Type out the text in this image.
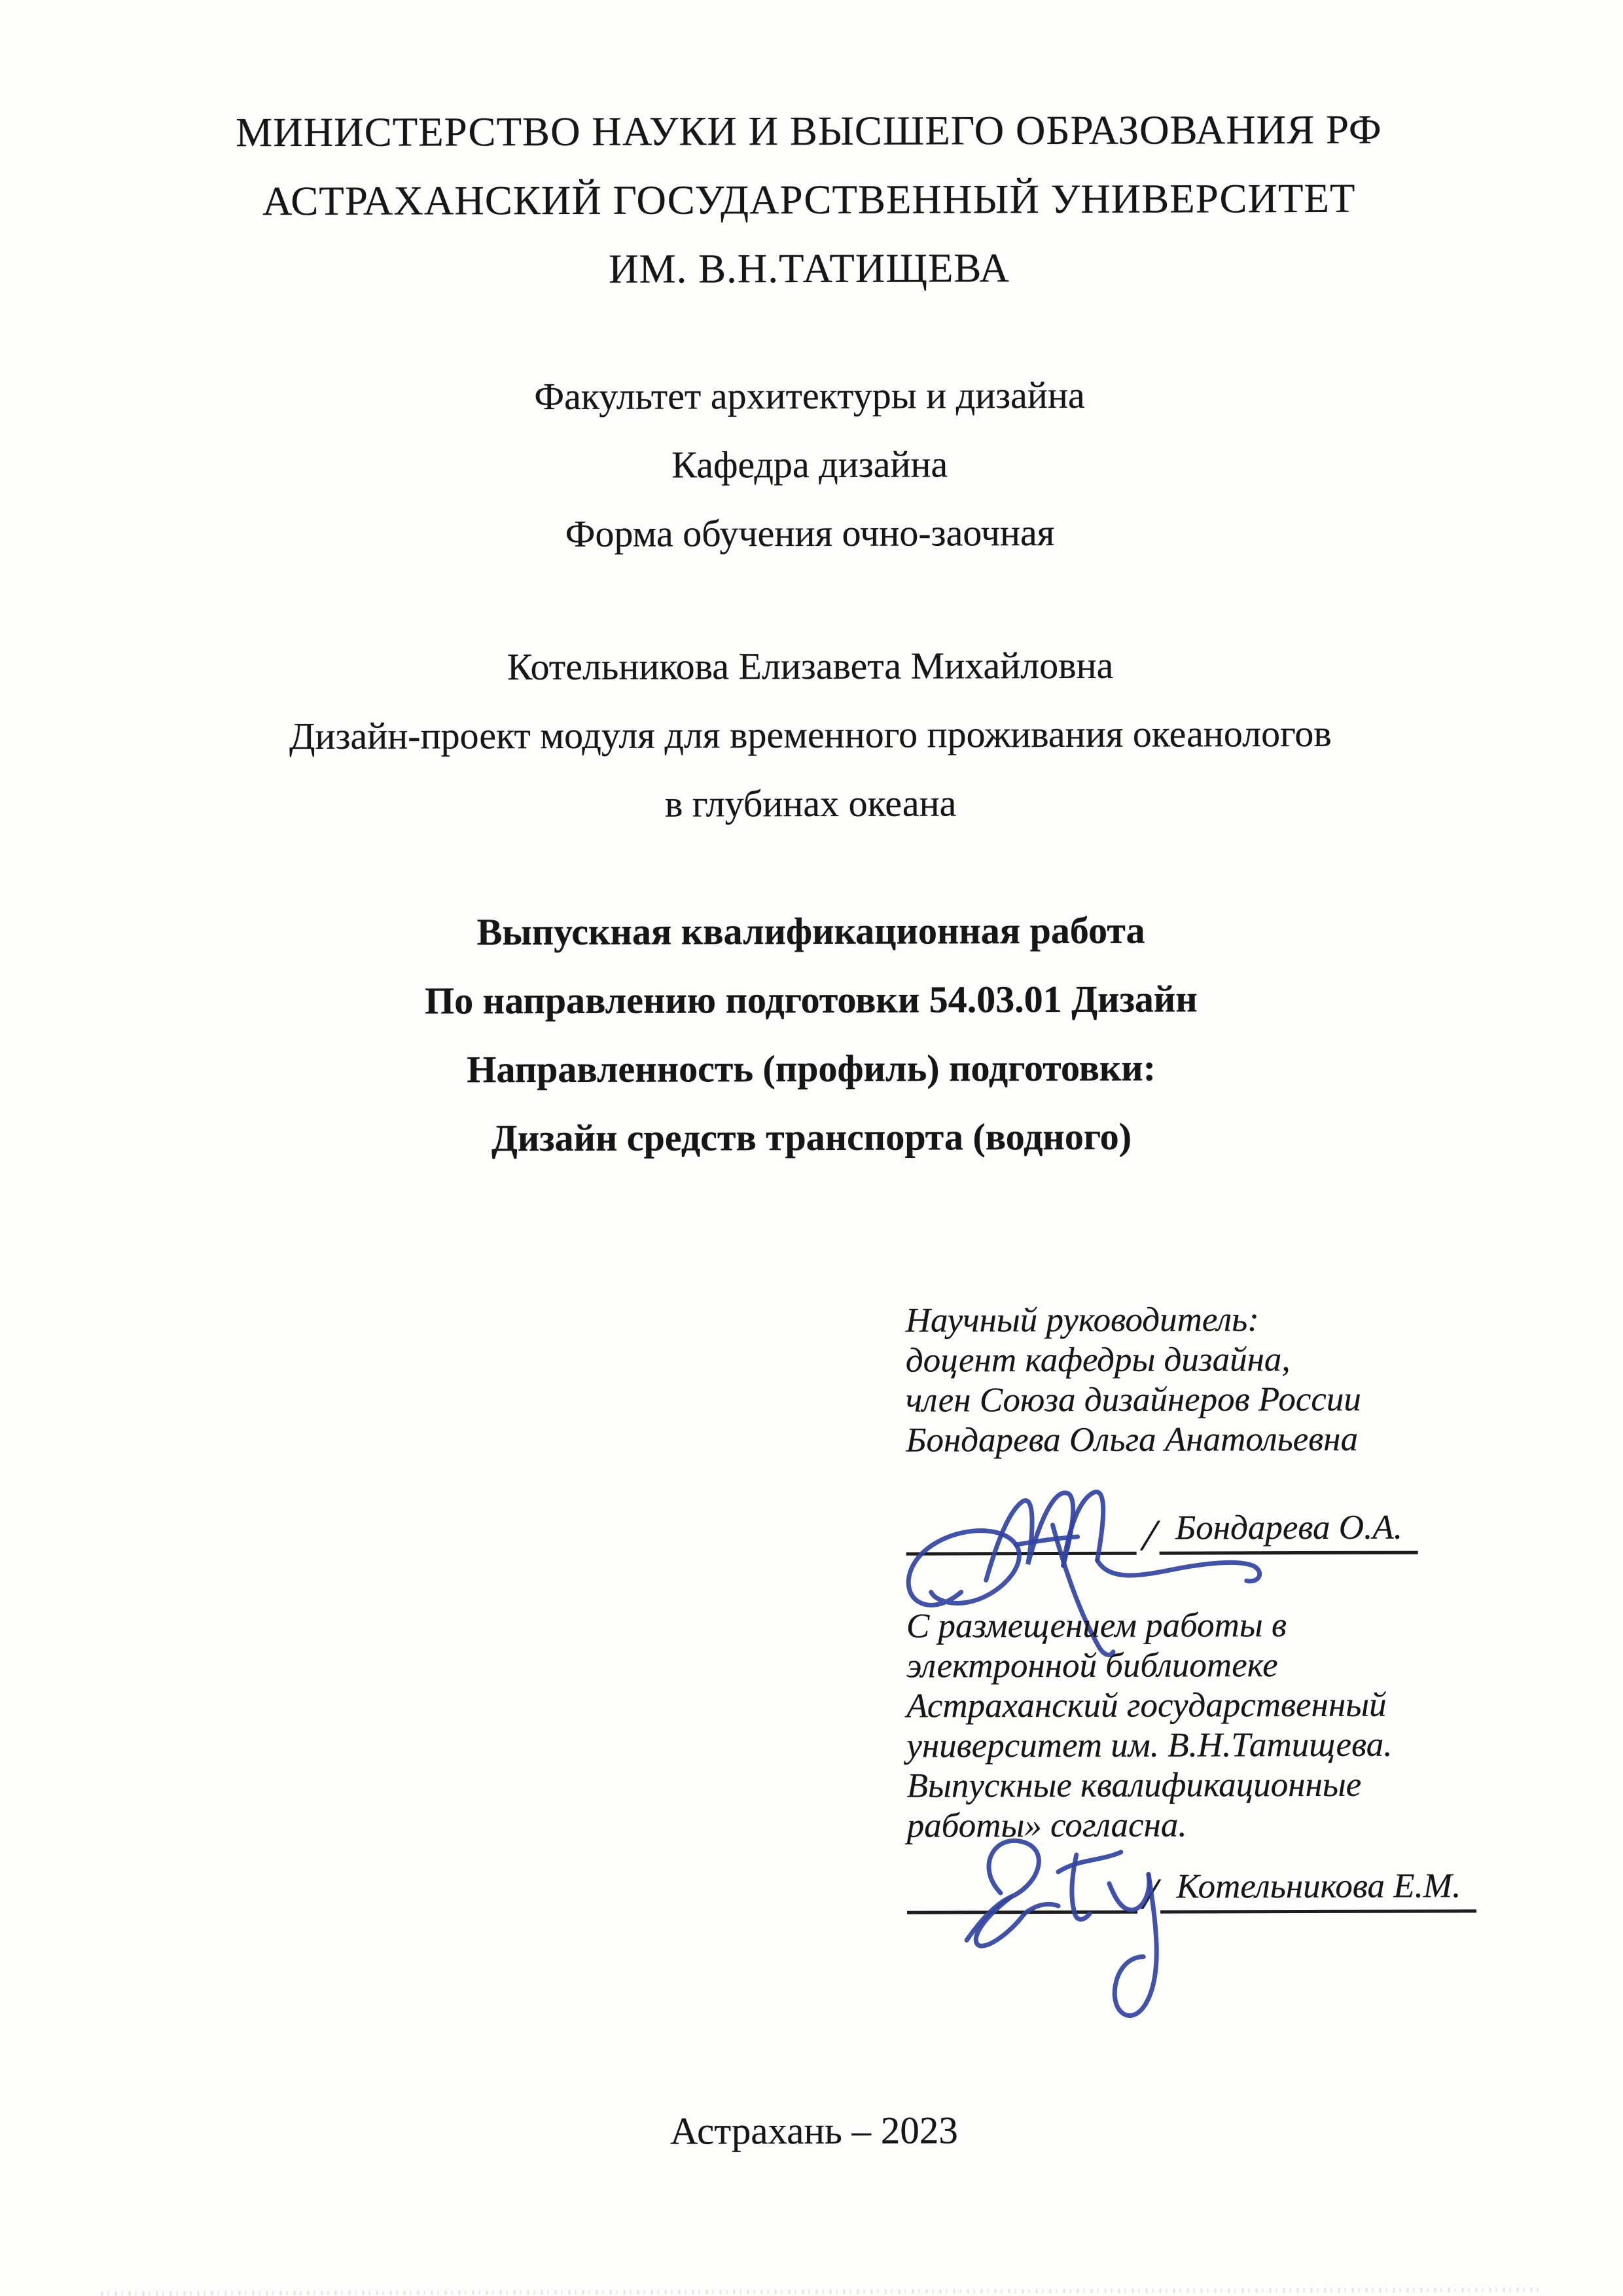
МИНИСТЕРСТВО НАУКИ И ВЫСШЕГО ОБРАЗОВАНИЯ РФ
АСТРАХАНСКИЙ ГОСУДАРСТВЕННЫЙ УНИВЕРСИТЕТ
ИМ. В.Н.ТАТИЩЕВА
Факультет архитектуры и дизайна
Кафедра дизайна
Форма обучения очно-заочная
Котельникова Елизавета Михайловна
Дизайн-проект модуля для временного проживания океанологов
в глубинах океана
Выпускная квалификационная работа
По направлению подготовки 54.03.01 Дизайн
Направленность (профиль) подготовки:
Дизайн средств транспорта (водного)
Научный руководитель:
доцент кафедры дизайна,
член Союза дизайнеров России
Бондарева Ольга Анатольевна
/ Бондарева О.А.
С размещением работы в
электронной библиотеке
Астраханский государственный
университет им. В.Н.Татищева.
Выпускные квалификационные
работы» согласна.
/ Котельникова Е.М.
Астрахань – 2023
